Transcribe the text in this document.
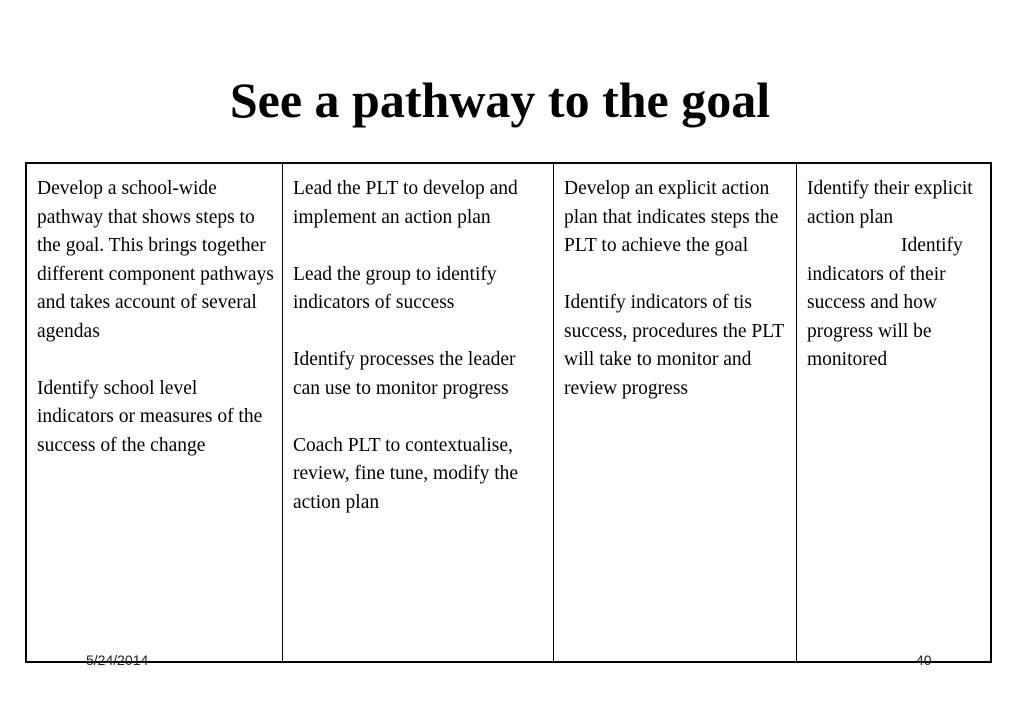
See a pathway to the goal

Develop a school-wide pathway that shows steps to the goal. This brings together different component pathways and takes account of several agendas

Identify school level indicators or measures of the success of the change

Lead the PLT to develop and implement an action plan

Lead the group to identify indicators of success

Identify processes the leader can use to monitor progress

Coach PLT to contextualise, review, fine tune, modify the action plan

Develop an explicit action plan that indicates steps the PLT to achieve the goal

Identify indicators of tis success, procedures the PLT will take to monitor and review progress

Identify their explicit action plan

Identify indicators of their success and how progress will be monitored

5/24/2014	40
